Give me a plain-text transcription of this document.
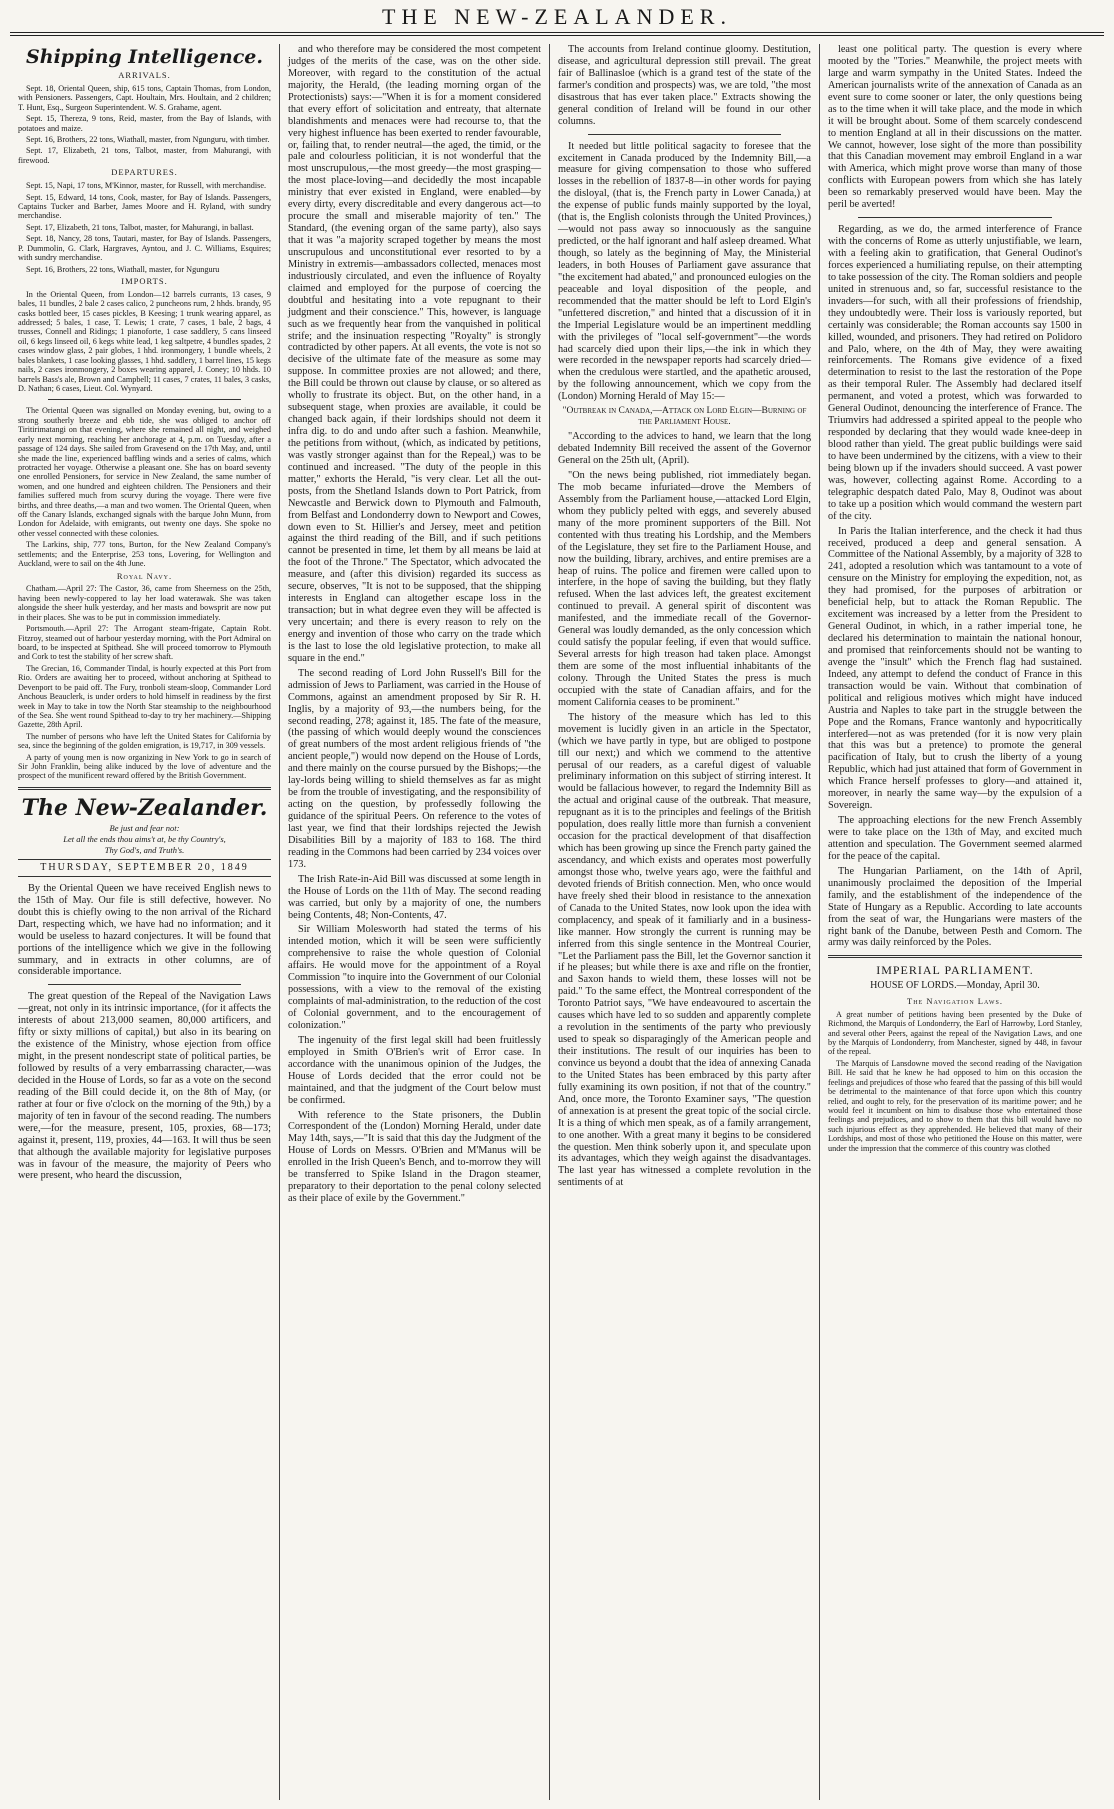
THE NEW-ZEALANDER.
Shipping Intelligence.
ARRIVALS.

Sept. 18, Oriental Queen, ship, 615 tons, Captain Thomas, from London, with Pensioners. Passengers, Capt. Houltain, Mrs. Houltain, and 2 children; T. Hunt, Esq., Surgeon Superintendent. W. S. Grahame, agent.

Sept. 15, Thereza, 9 tons, Reid, master, from the Bay of Islands, with potatoes and maize.

Sept. 16, Brothers, 22 tons, Wiathall, master, from Ngunguru, with timber.

Sept. 17, Elizabeth, 21 tons, Talbot, master, from Mahurangi, with firewood.

DEPARTURES.

Sept. 15, Napi, 17 tons, M'Kinnor, master, for Russell, with merchandise.

Sept. 15, Edward, 14 tons, Cook, master, for Bay of Islands. Passengers, Captains Tucker and Barber, James Moore and H. Ryland, with sundry merchandise.

Sept. 17, Elizabeth, 21 tons, Talbot, master, for Mahurangi, in ballast.

Sept. 18, Nancy, 28 tons, Tautari, master, for Bay of Islands. Passengers, P. Dummolin, G. Clark, Hargraves, Ayntou, and J. C. Williams, Esquires; with sundry merchandise.

Sept. 16, Brothers, 22 tons, Wiathall, master, for Ngunguru

IMPORTS.

In the Oriental Queen, from London—12 barrels currants, 13 cases, 9 bales, 11 bundles, 2 bale 2 cases calico, 2 puncheons rum, 2 hhds. brandy, 95 casks bottled beer, 15 cases pickles, B Keesing; 1 trunk wearing apparel, as addressed; 5 bales, 1 case, T. Lewis; 1 crate, 7 cases, 1 bale, 2 bags, 4 trusses, Connell and Ridings; 1 pianoforte, 1 case saddlery, 5 cans linseed oil, 6 kegs linseed oil, 6 kegs white lead, 1 keg saltpetre, 4 bundles spades, 2 cases window glass, 2 pair globes, 1 hhd. ironmongery, 1 bundle wheels, 2 bales blankets, 1 case looking glasses, 1 hhd. saddlery, 1 barrel lines, 15 kegs nails, 2 cases ironmongery, 2 boxes wearing apparel, J. Coney; 10 hhds. 10 barrels Bass's ale, Brown and Campbell; 11 cases, 7 crates, 11 bales, 3 casks, D. Nathan; 6 cases, Lieut. Col. Wynyard.

The Oriental Queen was signalled on Monday evening, but, owing to a strong southerly breeze and ebb tide, she was obliged to anchor off Tiritirimatangi on that evening, where she remained all night, and weighed early next morning, reaching her anchorage at 4, p.m. on Tuesday, after a passage of 124 days. She sailed from Gravesend on the 17th May, and, until she made the line, experienced baffling winds and a series of calms, which protracted her voyage. Otherwise a pleasant one. She has on board seventy one enrolled Pensioners, for service in New Zealand, the same number of women, and one hundred and eighteen children. The Pensioners and their families suffered much from scurvy during the voyage. There were five births, and three deaths,—a man and two women. The Oriental Queen, when off the Canary Islands, exchanged signals with the barque John Munn, from London for Adelaide, with emigrants, out twenty one days. She spoke no other vessel connected with these colonies.

The Larkins, ship, 777 tons, Burton, for the New Zealand Company's settlements; and the Enterprise, 253 tons, Lovering, for Wellington and Auckland, were to sail on the 4th June.

Royal Navy.

Chatham.—April 27: The Castor, 36, came from Sheerness on the 25th, having been newly-coppered to lay her load waterawak. She was taken alongside the sheer hulk yesterday, and her masts and bowsprit are now put in their places. She was to be put in commission immediately.

Portsmouth.—April 27: The Arrogant steam-frigate, Captain Robt. Fitzroy, steamed out of harbour yesterday morning, with the Port Admiral on board, to be inspected at Spithead. She will proceed tomorrow to Plymouth and Cork to test the stability of her screw shaft.

The Grecian, 16, Commander Tindal, is hourly expected at this Port from Rio. Orders are awaiting her to proceed, without anchoring at Spithead to Devenport to be paid off. The Fury, tronboli steam-sloop, Commander Lord Anchous Beauclerk, is under orders to hold himself in readiness by the first week in May to take in tow the North Star steamship to the neighbourhood of the Sea. She went round Spithead to-day to try her machinery.—Shipping Gazette, 28th April.

The number of persons who have left the United States for California by sea, since the beginning of the golden emigration, is 19,717, in 309 vessels.

A party of young men is now organizing in New York to go in search of Sir John Franklin, being alike induced by the love of adventure and the prospect of the munificent reward offered by the British Government.

The New-Zealander.
Be just and fear not:
Let all the ends thou aims't at, be thy Country's,
Thy God's, and Truth's.
THURSDAY, SEPTEMBER 20, 1849

By the Oriental Queen we have received English news to the 15th of May. Our file is still defective, however. No doubt this is chiefly owing to the non arrival of the Richard Dart, respecting which, we have had no information; and it would be useless to hazard conjectures. It will be found that portions of the intelligence which we give in the following summary, and in extracts in other columns, are of considerable importance.

The great question of the Repeal of the Navigation Laws—great, not only in its intrinsic importance, (for it affects the interests of about 213,000 seamen, 80,000 artificers, and fifty or sixty millions of capital,) but also in its bearing on the existence of the Ministry, whose ejection from office might, in the present nondescript state of political parties, be followed by results of a very embarrassing character,—was decided in the House of Lords, so far as a vote on the second reading of the Bill could decide it, on the 8th of May, (or rather at four or five o'clock on the morning of the 9th,) by a majority of ten in favour of the second reading. The numbers were,—for the measure, present, 105, proxies, 68—173; against it, present, 119, proxies, 44—163. It will thus be seen that although the available majority for legislative purposes was in favour of the measure, the majority of Peers who were present, who heard the discussion,

and who therefore may be considered the most competent judges of the merits of the case, was on the other side. Moreover, with regard to the constitution of the actual majority, the Herald, (the leading morning organ of the Protectionists) says:—"When it is for a moment considered that every effort of solicitation and entreaty, that alternate blandishments and menaces were had recourse to, that the very highest influence has been exerted to render favourable, or, failing that, to render neutral—the aged, the timid, or the pale and colourless politician, it is not wonderful that the most unscrupulous,—the most greedy—the most grasping—the most place-loving—and decidedly the most incapable ministry that ever existed in England, were enabled—by every dirty, every discreditable and every dangerous act—to procure the small and miserable majority of ten." The Standard, (the evening organ of the same party), also says that it was "a majority scraped together by means the most unscrupulous and unconstitutional ever resorted to by a Ministry in extremis—ambassadors collected, menaces most industriously circulated, and even the influence of Royalty claimed and employed for the purpose of coercing the doubtful and hesitating into a vote repugnant to their judgment and their conscience." This, however, is language such as we frequently hear from the vanquished in political strife; and the insinuation respecting "Royalty" is strongly contradicted by other papers. At all events, the vote is not so decisive of the ultimate fate of the measure as some may suppose. In committee proxies are not allowed; and there, the Bill could be thrown out clause by clause, or so altered as wholly to frustrate its object. But, on the other hand, in a subsequent stage, when proxies are available, it could be changed back again, if their lordships should not deem it infra dig. to do and undo after such a fashion. Meanwhile, the petitions from without, (which, as indicated by petitions, was vastly stronger against than for the Repeal,) was to be continued and increased. "The duty of the people in this matter," exhorts the Herald, "is very clear. Let all the out-posts, from the Shetland Islands down to Port Patrick, from Newcastle and Berwick down to Plymouth and Falmouth, from Belfast and Londonderry down to Newport and Cowes, down even to St. Hillier's and Jersey, meet and petition against the third reading of the Bill, and if such petitions cannot be presented in time, let them by all means be laid at the foot of the Throne." The Spectator, which advocated the measure, and (after this division) regarded its success as secure, observes, "It is not to be supposed, that the shipping interests in England can altogether escape loss in the transaction; but in what degree even they will be affected is very uncertain; and there is every reason to rely on the energy and invention of those who carry on the trade which is the last to lose the old legislative protection, to make all square in the end."

The second reading of Lord John Russell's Bill for the admission of Jews to Parliament, was carried in the House of Commons, against an amendment proposed by Sir R. H. Inglis, by a majority of 93,—the numbers being, for the second reading, 278; against it, 185. The fate of the measure, (the passing of which would deeply wound the consciences of great numbers of the most ardent religious friends of "the ancient people,") would now depend on the House of Lords, and there mainly on the course pursued by the Bishops;—the lay-lords being willing to shield themselves as far as might be from the trouble of investigating, and the responsibility of acting on the question, by professedly following the guidance of the spiritual Peers. On reference to the votes of last year, we find that their lordships rejected the Jewish Disabilities Bill by a majority of 183 to 168. The third reading in the Commons had been carried by 234 voices over 173.

The Irish Rate-in-Aid Bill was discussed at some length in the House of Lords on the 11th of May. The second reading was carried, but only by a majority of one, the numbers being Contents, 48; Non-Contents, 47.

Sir William Molesworth had stated the terms of his intended motion, which it will be seen were sufficiently comprehensive to raise the whole question of Colonial affairs. He would move for the appointment of a Royal Commission "to inquire into the Government of our Colonial possessions, with a view to the removal of the existing complaints of mal-administration, to the reduction of the cost of Colonial government, and to the encouragement of colonization."

The ingenuity of the first legal skill had been fruitlessly employed in Smith O'Brien's writ of Error case. In accordance with the unanimous opinion of the Judges, the House of Lords decided that the error could not be maintained, and that the judgment of the Court below must be confirmed.

With reference to the State prisoners, the Dublin Correspondent of the (London) Morning Herald, under date May 14th, says,—"It is said that this day the Judgment of the House of Lords on Messrs. O'Brien and M'Manus will be enrolled in the Irish Queen's Bench, and to-morrow they will be transferred to Spike Island in the Dragon steamer, preparatory to their deportation to the penal colony selected as their place of exile by the Government."

The accounts from Ireland continue gloomy. Destitution, disease, and agricultural depression still prevail. The great fair of Ballinasloe (which is a grand test of the state of the farmer's condition and prospects) was, we are told, "the most disastrous that has ever taken place." Extracts showing the general condition of Ireland will be found in our other columns.

It needed but little political sagacity to foresee that the excitement in Canada produced by the Indemnity Bill,—a measure for giving compensation to those who suffered losses in the rebellion of 1837-8—in other words for paying the disloyal, (that is, the French party in Lower Canada,) at the expense of public funds mainly supported by the loyal, (that is, the English colonists through the United Provinces,)—would not pass away so innocuously as the sanguine predicted, or the half ignorant and half asleep dreamed. What though, so lately as the beginning of May, the Ministerial leaders, in both Houses of Parliament gave assurance that "the excitement had abated," and pronounced eulogies on the peaceable and loyal disposition of the people, and recommended that the matter should be left to Lord Elgin's "unfettered discretion," and hinted that a discussion of it in the Imperial Legislature would be an impertinent meddling with the privileges of "local self-government"—the words had scarcely died upon their lips,—the ink in which they were recorded in the newspaper reports had scarcely dried—when the credulous were startled, and the apathetic aroused, by the following announcement, which we copy from the (London) Morning Herald of May 15:—

"Outbreak in Canada,—Attack on Lord Elgin—Burning of the Parliament House.

"According to the advices to hand, we learn that the long debated Indemnity Bill received the assent of the Governor General on the 25th ult, (April).

"On the news being published, riot immediately began. The mob became infuriated—drove the Members of Assembly from the Parliament house,—attacked Lord Elgin, whom they publicly pelted with eggs, and severely abused many of the more prominent supporters of the Bill. Not contented with thus treating his Lordship, and the Members of the Legislature, they set fire to the Parliament House, and now the building, library, archives, and entire premises are a heap of ruins. The police and firemen were called upon to interfere, in the hope of saving the building, but they flatly refused. When the last advices left, the greatest excitement continued to prevail. A general spirit of discontent was manifested, and the immediate recall of the Governor-General was loudly demanded, as the only concession which could satisfy the popular feeling, if even that would suffice. Several arrests for high treason had taken place. Amongst them are some of the most influential inhabitants of the colony. Through the United States the press is much occupied with the state of Canadian affairs, and for the moment California ceases to be prominent."

The history of the measure which has led to this movement is lucidly given in an article in the Spectator, (which we have partly in type, but are obliged to postpone till our next;) and which we commend to the attentive perusal of our readers, as a careful digest of valuable preliminary information on this subject of stirring interest. It would be fallacious however, to regard the Indemnity Bill as the actual and original cause of the outbreak. That measure, repugnant as it is to the principles and feelings of the British population, does really little more than furnish a convenient occasion for the practical development of that disaffection which has been growing up since the French party gained the ascendancy, and which exists and operates most powerfully amongst those who, twelve years ago, were the faithful and devoted friends of British connection. Men, who once would have freely shed their blood in resistance to the annexation of Canada to the United States, now look upon the idea with complacency, and speak of it familiarly and in a business-like manner. How strongly the current is running may be inferred from this single sentence in the Montreal Courier, "Let the Parliament pass the Bill, let the Governor sanction it if he pleases; but while there is axe and rifle on the frontier, and Saxon hands to wield them, these losses will not be paid." To the same effect, the Montreal correspondent of the Toronto Patriot says, "We have endeavoured to ascertain the causes which have led to so sudden and apparently complete a revolution in the sentiments of the party who previously used to speak so disparagingly of the American people and their institutions. The result of our inquiries has been to convince us beyond a doubt that the idea of annexing Canada to the United States has been embraced by this party after fully examining its own position, if not that of the country." And, once more, the Toronto Examiner says, "The question of annexation is at present the great topic of the social circle. It is a thing of which men speak, as of a family arrangement, to one another. With a great many it begins to be considered the question. Men think soberly upon it, and speculate upon its advantages, which they weigh against the disadvantages. The last year has witnessed a complete revolution in the sentiments of at

least one political party. The question is every where mooted by the "Tories." Meanwhile, the project meets with large and warm sympathy in the United States. Indeed the American journalists write of the annexation of Canada as an event sure to come sooner or later, the only questions being as to the time when it will take place, and the mode in which it will be brought about. Some of them scarcely condescend to mention England at all in their discussions on the matter. We cannot, however, lose sight of the more than possibility that this Canadian movement may embroil England in a war with America, which might prove worse than many of those conflicts with European powers from which she has lately been so remarkably preserved would have been. May the peril be averted!

Regarding, as we do, the armed interference of France with the concerns of Rome as utterly unjustifiable, we learn, with a feeling akin to gratification, that General Oudinot's forces experienced a humiliating repulse, on their attempting to take possession of the city. The Roman soldiers and people united in strenuous and, so far, successful resistance to the invaders—for such, with all their professions of friendship, they undoubtedly were. Their loss is variously reported, but certainly was considerable; the Roman accounts say 1500 in killed, wounded, and prisoners. They had retired on Polidoro and Palo, where, on the 4th of May, they were awaiting reinforcements. The Romans give evidence of a fixed determination to resist to the last the restoration of the Pope as their temporal Ruler. The Assembly had declared itself permanent, and voted a protest, which was forwarded to General Oudinot, denouncing the interference of France. The Triumvirs had addressed a spirited appeal to the people who responded by declaring that they would wade knee-deep in blood rather than yield. The great public buildings were said to have been undermined by the citizens, with a view to their being blown up if the invaders should succeed. A vast power was, however, collecting against Rome. According to a telegraphic despatch dated Palo, May 8, Oudinot was about to take up a position which would command the western part of the city.

In Paris the Italian interference, and the check it had thus received, produced a deep and general sensation. A Committee of the National Assembly, by a majority of 328 to 241, adopted a resolution which was tantamount to a vote of censure on the Ministry for employing the expedition, not, as they had promised, for the purposes of arbitration or beneficial help, but to attack the Roman Republic. The excitement was increased by a letter from the President to General Oudinot, in which, in a rather imperial tone, he declared his determination to maintain the national honour, and promised that reinforcements should not be wanting to avenge the "insult" which the French flag had sustained. Indeed, any attempt to defend the conduct of France in this transaction would be vain. Without that combination of political and religious motives which might have induced Austria and Naples to take part in the struggle between the Pope and the Romans, France wantonly and hypocritically interfered—not as was pretended (for it is now very plain that this was but a pretence) to promote the general pacification of Italy, but to crush the liberty of a young Republic, which had just attained that form of Government in which France herself professes to glory—and attained it, moreover, in nearly the same way—by the expulsion of a Sovereign.

The approaching elections for the new French Assembly were to take place on the 13th of May, and excited much attention and speculation. The Government seemed alarmed for the peace of the capital.

The Hungarian Parliament, on the 14th of April, unanimously proclaimed the deposition of the Imperial family, and the establishment of the independence of the State of Hungary as a Republic. According to late accounts from the seat of war, the Hungarians were masters of the right bank of the Danube, between Pesth and Comorn. The army was daily reinforced by the Poles.

IMPERIAL PARLIAMENT.
HOUSE OF LORDS.—Monday, April 30.
The Navigation Laws.

A great number of petitions having been presented by the Duke of Richmond, the Marquis of Londonderry, the Earl of Harrowby, Lord Stanley, and several other Peers, against the repeal of the Navigation Laws, and one by the Marquis of Londonderry, from Manchester, signed by 448, in favour of the repeal.

The Marquis of Lansdowne moved the second reading of the Navigation Bill. He said that he knew he had opposed to him on this occasion the feelings and prejudices of those who feared that the passing of this bill would be detrimental to the maintenance of that force upon which this country relied, and ought to rely, for the preservation of its maritime power; and he would feel it incumbent on him to disabuse those who entertained those feelings and prejudices, and to show to them that this bill would have no such injurious effect as they apprehended. He believed that many of their Lordships, and most of those who petitioned the House on this matter, were under the impression that the commerce of this country was clothed
